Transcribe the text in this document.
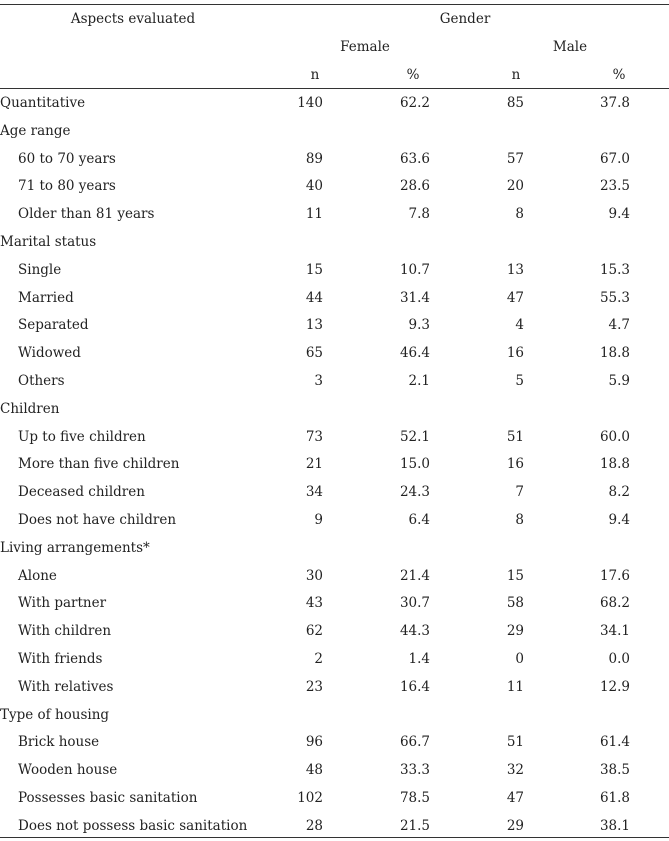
Aspects evaluated	Gender
Female	Male
n	%	n	%
Quantitative	140	62.2	85	37.8
Age range
60 to 70 years	89	63.6	57	67.0
71 to 80 years	40	28.6	20	23.5
Older than 81 years	11	7.8	8	9.4
Marital status
Single	15	10.7	13	15.3
Married	44	31.4	47	55.3
Separated	13	9.3	4	4.7
Widowed	65	46.4	16	18.8
Others	3	2.1	5	5.9
Children
Up to five children	73	52.1	51	60.0
More than five children	21	15.0	16	18.8
Deceased children	34	24.3	7	8.2
Does not have children	9	6.4	8	9.4
Living arrangements*
Alone	30	21.4	15	17.6
With partner	43	30.7	58	68.2
With children	62	44.3	29	34.1
With friends	2	1.4	0	0.0
With relatives	23	16.4	11	12.9
Type of housing
Brick house	96	66.7	51	61.4
Wooden house	48	33.3	32	38.5
Possesses basic sanitation	102	78.5	47	61.8
Does not possess basic sanitation	28	21.5	29	38.1
